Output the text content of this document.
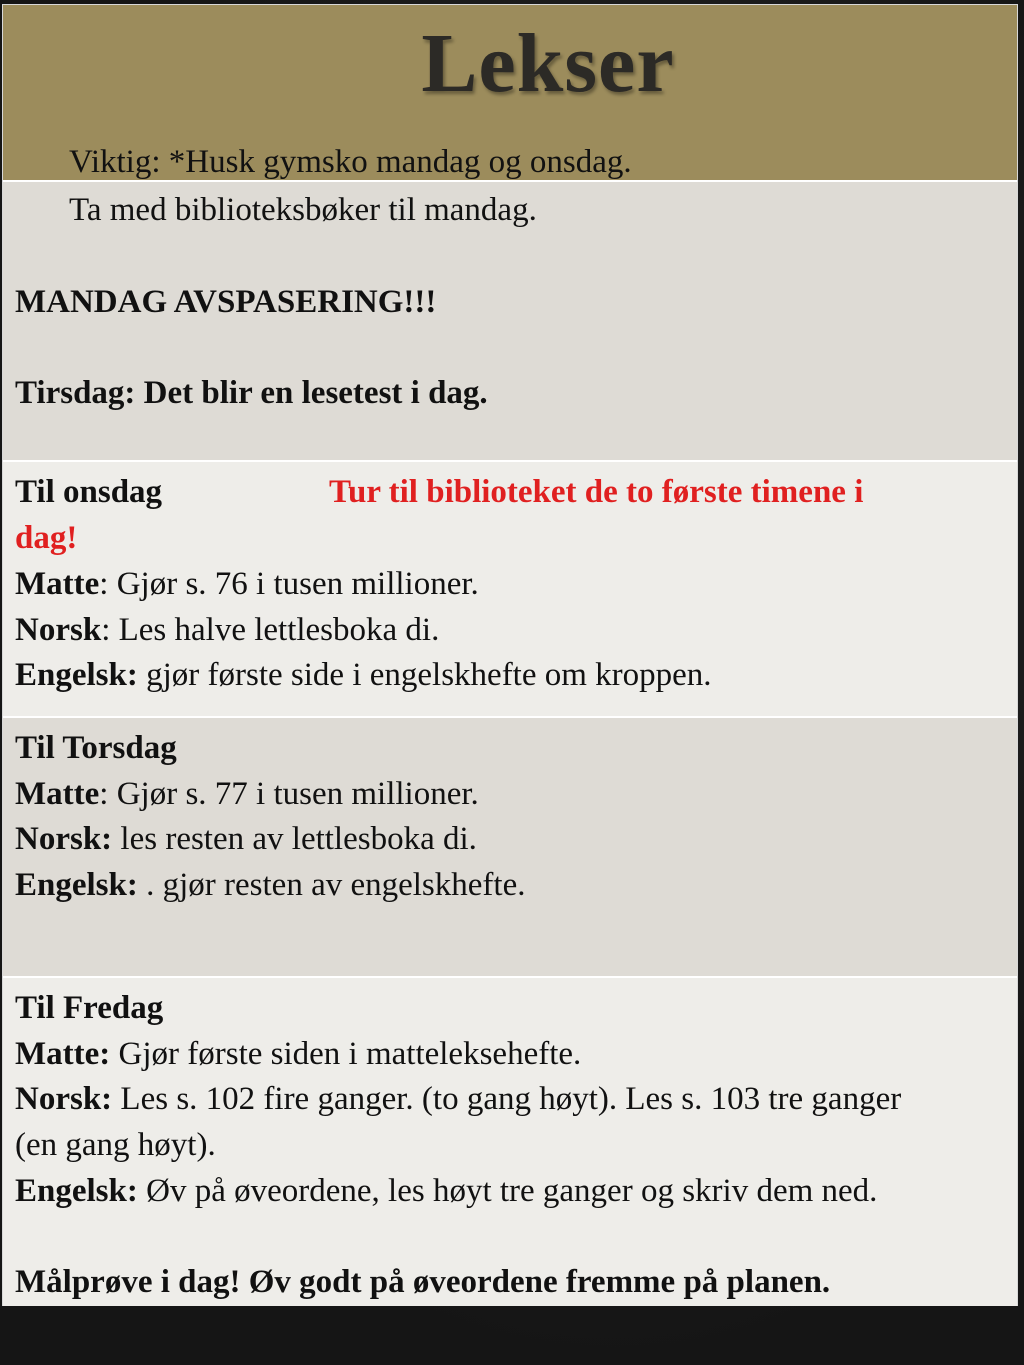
Lekser
MANDAG AVSPASERING!!!
Tirsdag: Det blir en lesetest i dag.
Viktig: *Husk gymsko mandag og onsdag.
Ta med biblioteksbøker til mandag.
Til onsdag	Tur til biblioteket de to første timene i
dag!
Matte: Gjør s. 76 i tusen millioner.
Norsk: Les halve lettlesboka di.
Engelsk: gjør første side i engelskhefte om kroppen.
Til Torsdag
Matte: Gjør s. 77 i tusen millioner.
Norsk: les resten av lettlesboka di.
Engelsk: . gjør resten av engelskhefte.
Til Fredag
Matte: Gjør første siden i matteleksehefte.
Norsk: Les s. 102 fire ganger. (to gang høyt). Les s. 103 tre ganger
(en gang høyt).
Engelsk: Øv på øveordene, les høyt tre ganger og skriv dem ned.
Målprøve i dag! Øv godt på øveordene fremme på planen.
